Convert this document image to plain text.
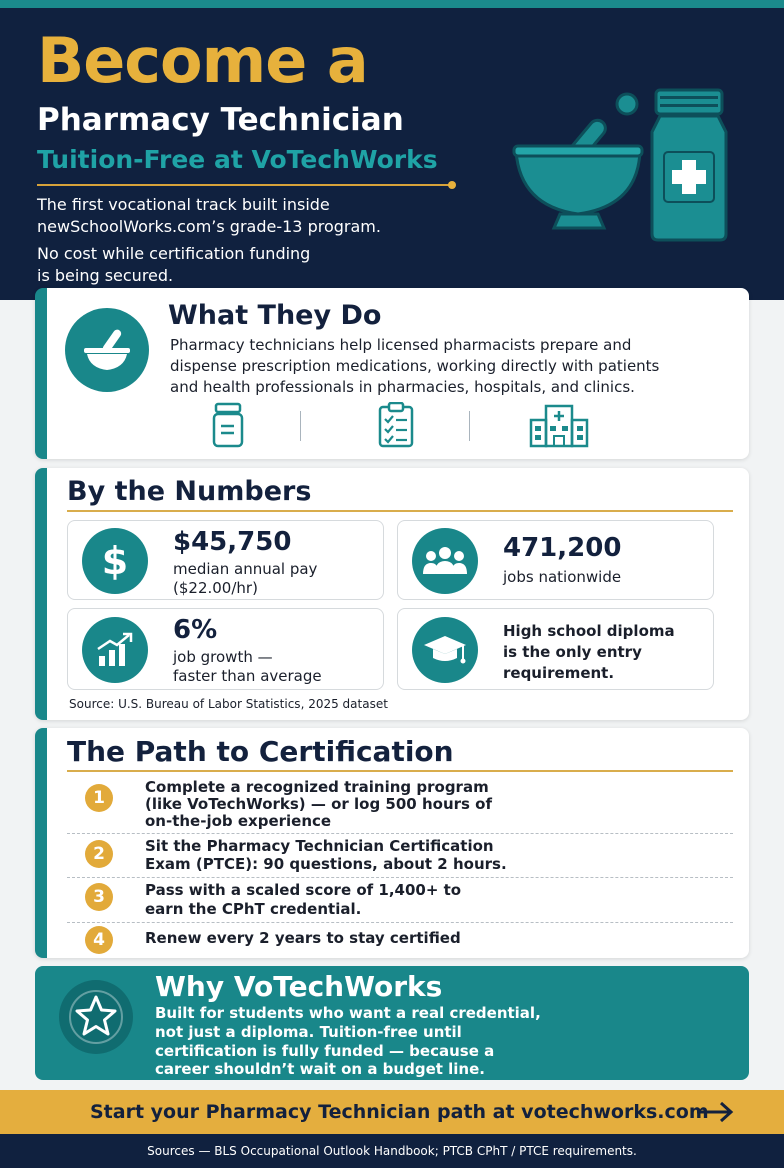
Become a
Pharmacy Technician
Tuition-Free at VoTechWorks
The first vocational track built inside
newSchoolWorks.com’s grade-13 program.
No cost while certification funding
is being secured.
What They Do
Pharmacy technicians help licensed pharmacists prepare and
dispense prescription medications, working directly with patients
and health professionals in pharmacies, hospitals, and clinics.
By the Numbers
$ $45,750
median annual pay
($22.00/hr)
471,200
jobs nationwide
6%
job growth —
faster than average
High school diploma
is the only entry
requirement.
Source: U.S. Bureau of Labor Statistics, 2025 dataset
The Path to Certification
1
Complete a recognized training program
(like VoTechWorks) — or log 500 hours of
on-the-job experience
2	Sit the Pharmacy Technician Certification
Exam (PTCE): 90 questions, about 2 hours.
3	Pass with a scaled score of 1,400+ to
earn the CPhT credential.
4	Renew every 2 years to stay certified
Why VoTechWorks
Built for students who want a real credential,
not just a diploma. Tuition-free until
certification is fully funded — because a
career shouldn’t wait on a budget line.
Start your Pharmacy Technician path at votechworks.com
Sources — BLS Occupational Outlook Handbook; PTCB CPhT / PTCE requirements.
